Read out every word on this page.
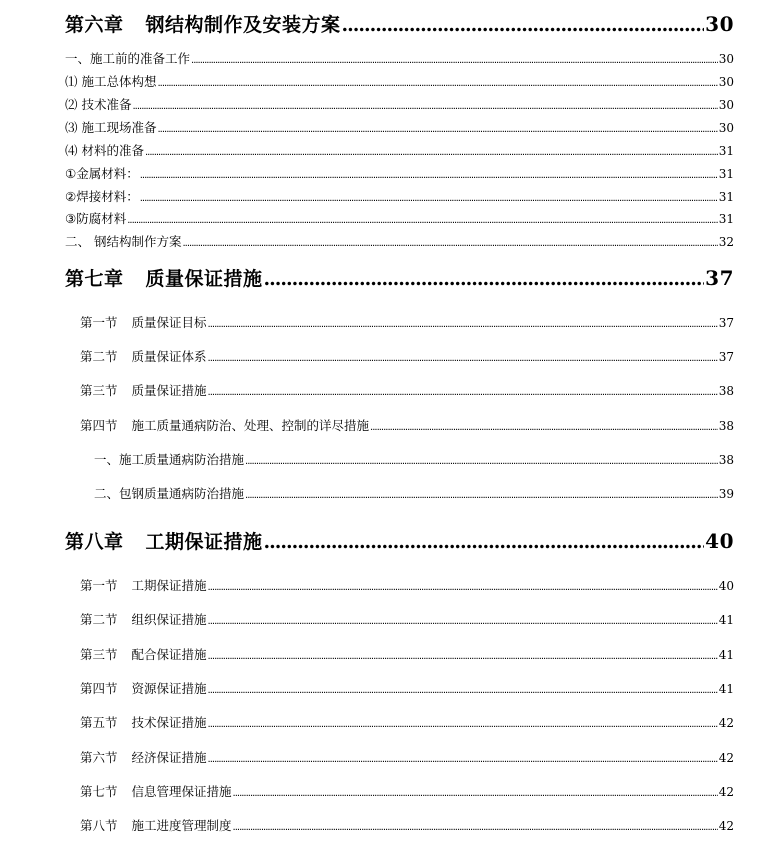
第六章 钢结构制作及安装方案 .....	30
一、施工前的准备工作 .....	30
⑴ 施工总体构想 .....	30
⑵ 技术准备 .....	30
⑶ 施工现场准备 .....	30
⑷ 材料的准备 .....	31
①金属材料： .....	31
②焊接材料： .....	31
③防腐材料 .....	31
二、 钢结构制作方案 .....	32
第七章 质量保证措施 .....	37
第一节 质量保证目标 .....	37
第二节 质量保证体系 .....	37
第三节 质量保证措施 .....	38
第四节 施工质量通病防治、处理、控制的详尽措施 .....	38
一、施工质量通病防治措施 .....	38
二、包钢质量通病防治措施 .....	39
第八章 工期保证措施 .....	40
第一节 工期保证措施 .....	40
第二节 组织保证措施 .....	41
第三节 配合保证措施 .....	41
第四节 资源保证措施 .....	41
第五节 技术保证措施 .....	42
第六节 经济保证措施 .....	42
第七节 信息管理保证措施 .....	42
第八节 施工进度管理制度 .....	42
